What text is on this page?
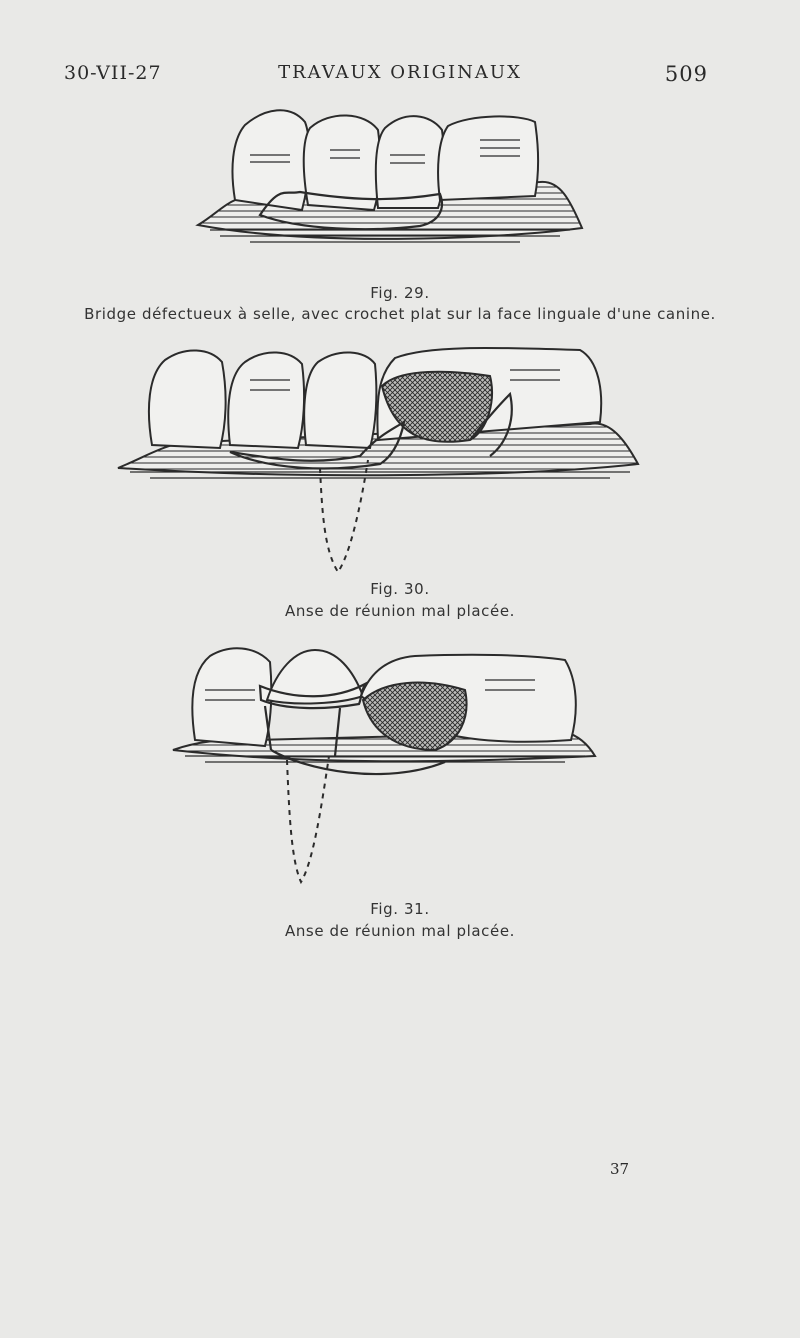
TRAVAUX ORIGINAUX
30-VII-27	509
Fig. 29.
Bridge défectueux à selle, avec crochet plat sur la face linguale d'une canine.
Fig. 30.
Anse de réunion mal placée.
Fig. 31.
Anse de réunion mal placée.
37
